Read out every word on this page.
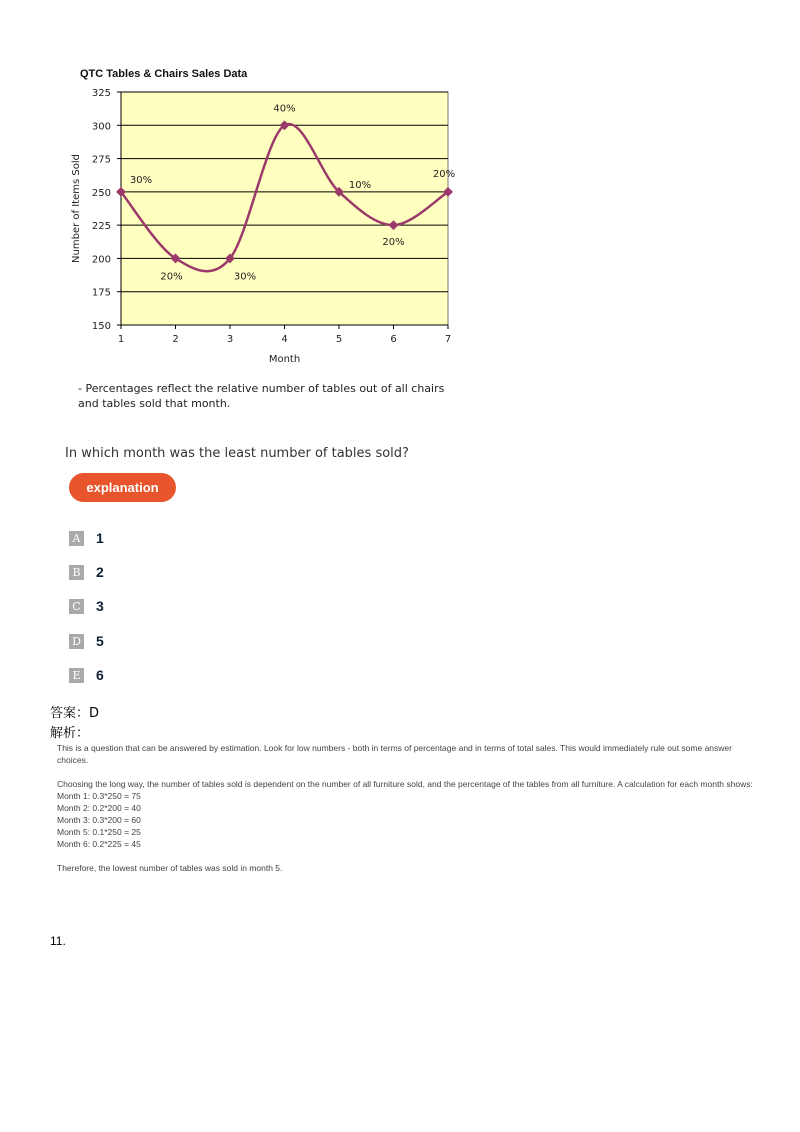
QTC Tables & Chairs Sales Data
150
175
200
225
250
275
300
325
1	2	3	4	5	6	7
30%
20%	30%
40%
10%
20%
20%
Month
Number of Items Sold
- Percentages reflect the relative number of tables out of all chairs and tables sold that month.
In which month was the least number of tables sold?
explanation
A 1
B 2
C 3
D 5
E 6
答案：D
解析：

This is a question that can be answered by estimation. Look for low numbers - both in terms of percentage and in terms of total sales. This would immediately rule out some answer choices.

Choosing the long way, the number of tables sold is dependent on the number of all furniture sold, and the percentage of the tables from all furniture. A calculation for each month shows:
Month 1: 0.3*250 = 75
Month 2: 0.2*200 = 40
Month 3: 0.3*200 = 60
Month 5: 0.1*250 = 25
Month 6: 0.2*225 = 45

Therefore, the lowest number of tables was sold in month 5.

11.
